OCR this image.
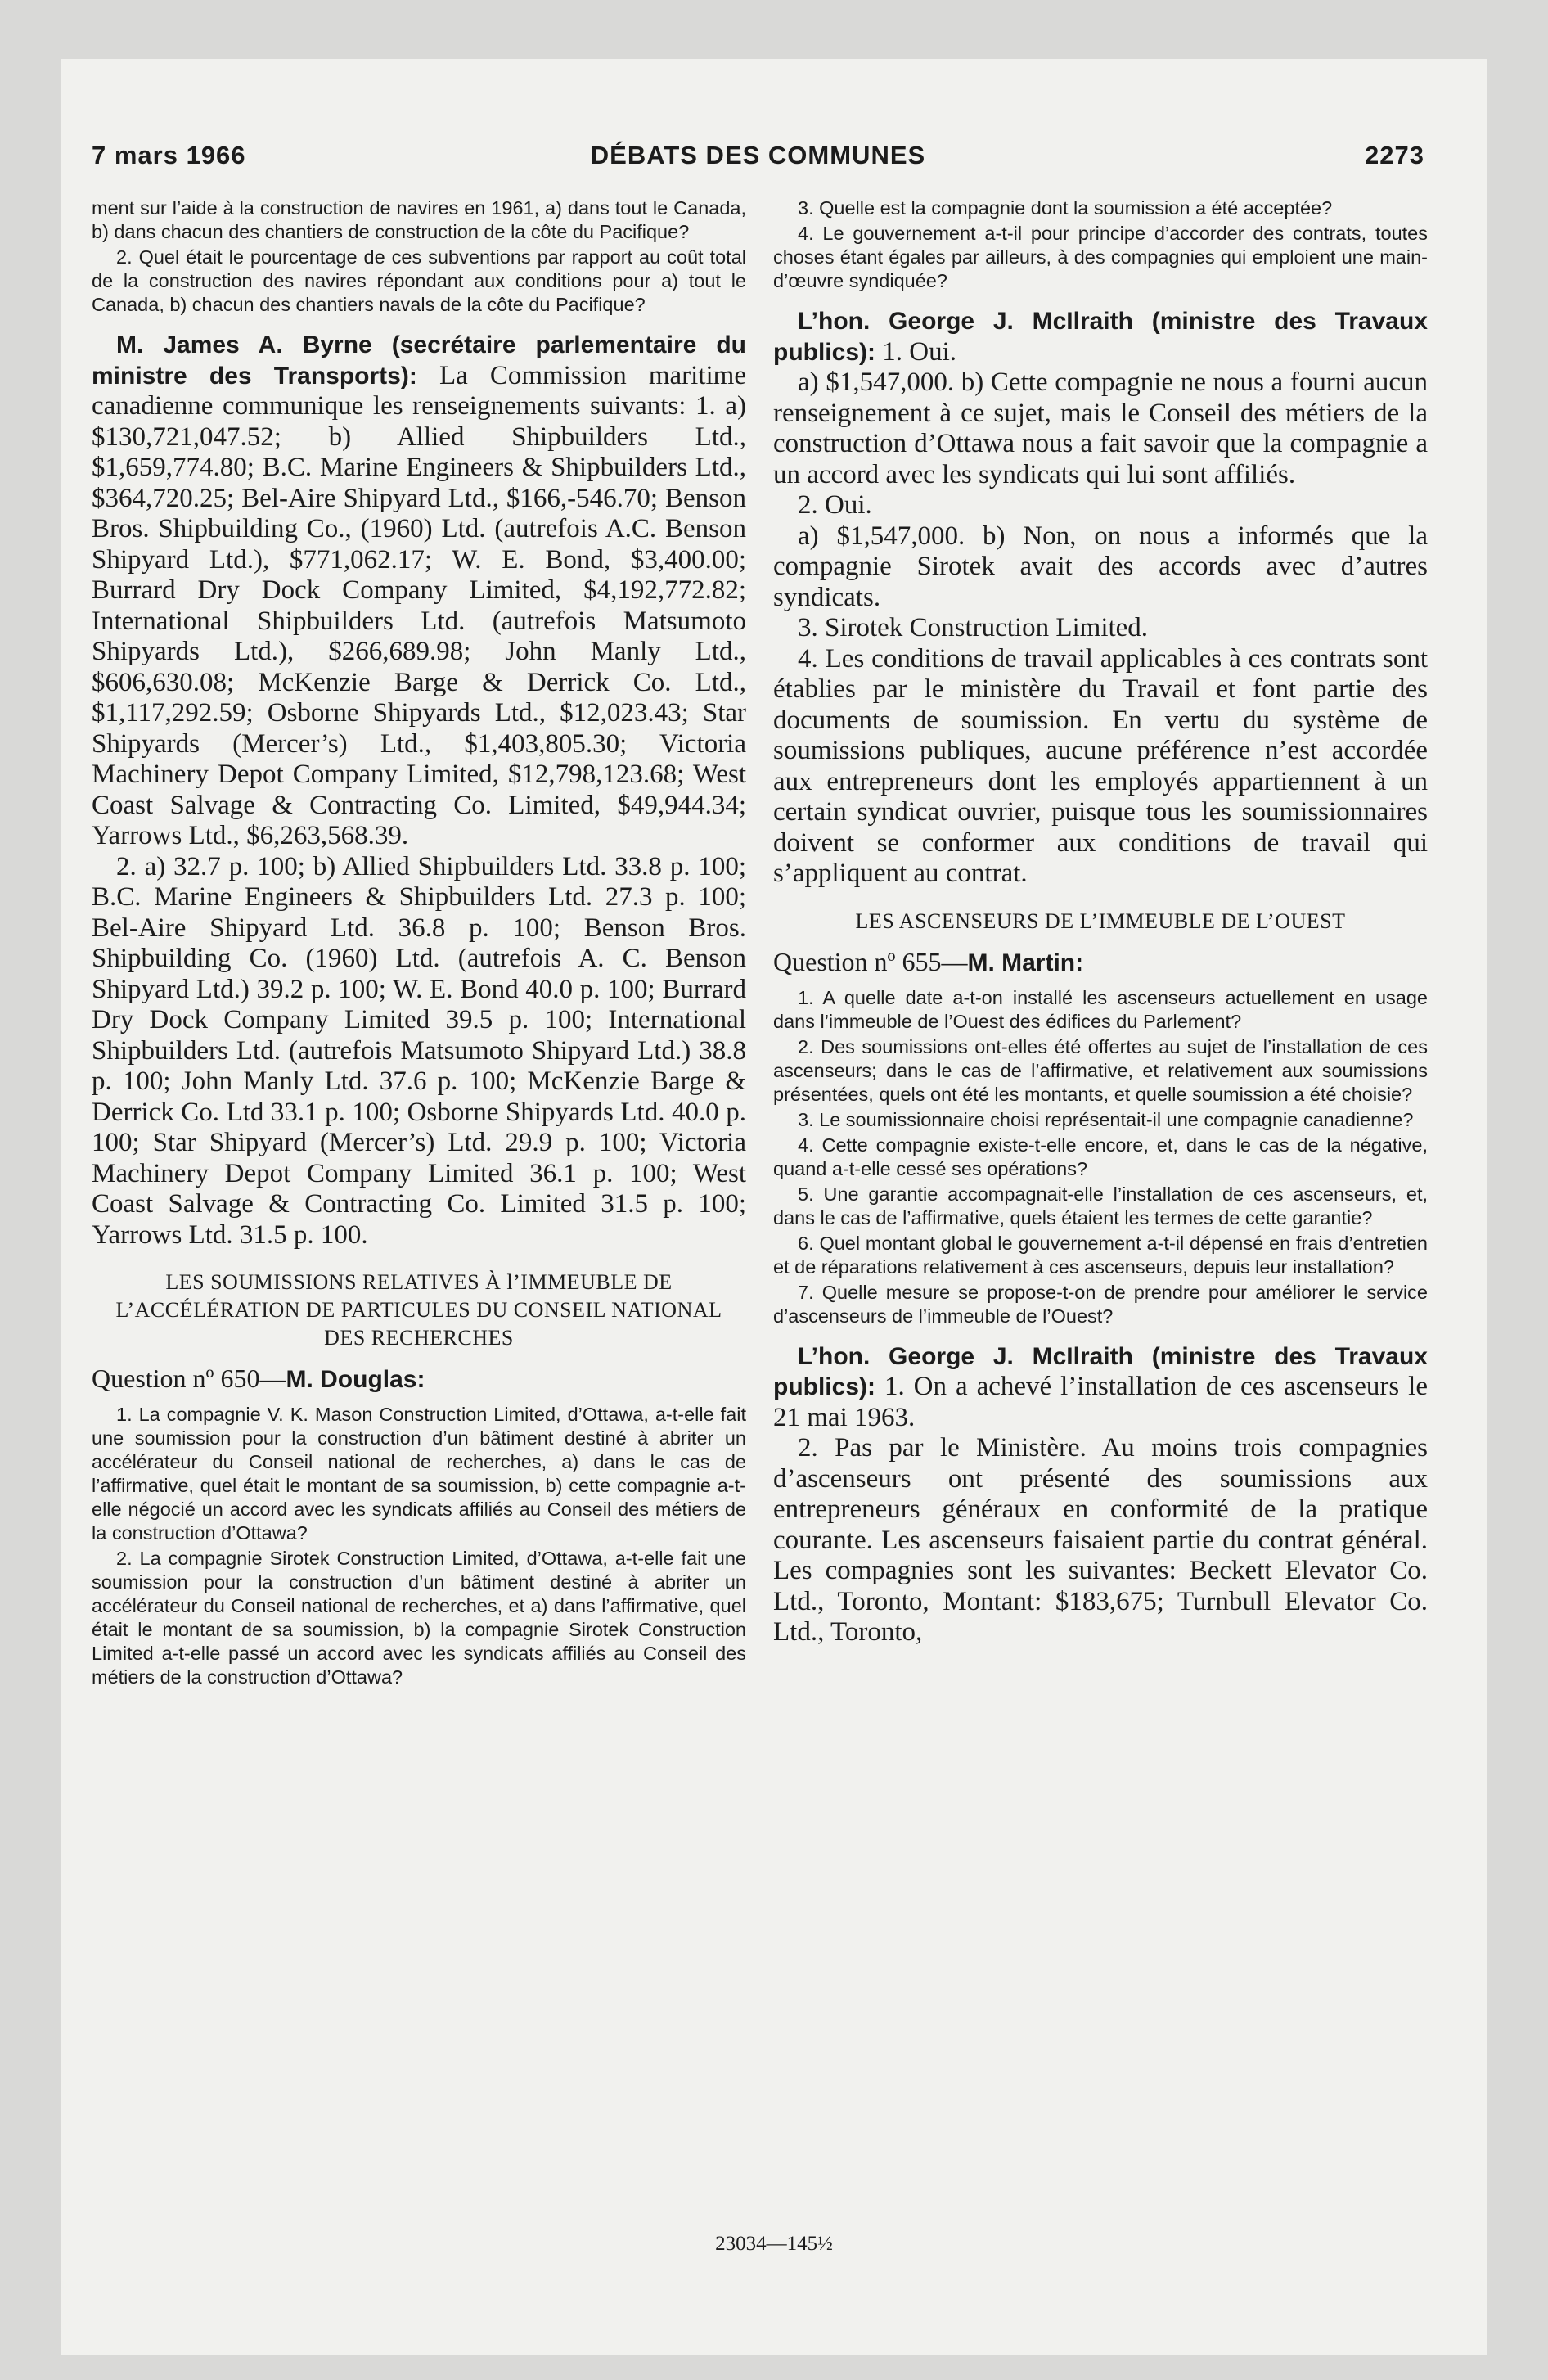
7 mars 1966	DÉBATS DES COMMUNES	2273

ment sur l’aide à la construction de navires en 1961, a) dans tout le Canada, b) dans chacun des chantiers de construction de la côte du Pacifique?

2. Quel était le pourcentage de ces subventions par rapport au coût total de la construction des navires répondant aux conditions pour a) tout le Canada, b) chacun des chantiers navals de la côte du Pacifique?

M. James A. Byrne (secrétaire parlementaire du ministre des Transports): La Commission maritime canadienne communique les renseignements suivants: 1. a) $130,721,047.52; b) Allied Shipbuilders Ltd., $1,659,774.80; B.C. Marine Engineers & Shipbuilders Ltd., $364,720.25; Bel-Aire Shipyard Ltd., $166,-546.70; Benson Bros. Shipbuilding Co., (1960) Ltd. (autrefois A.C. Benson Shipyard Ltd.), $771,062.17; W. E. Bond, $3,400.00; Burrard Dry Dock Company Limited, $4,192,772.82; International Shipbuilders Ltd. (autrefois Matsumoto Shipyards Ltd.), $266,689.98; John Manly Ltd., $606,630.08; McKenzie Barge & Derrick Co. Ltd., $1,117,292.59; Osborne Shipyards Ltd., $12,023.43; Star Shipyards (Mercer’s) Ltd., $1,403,805.30; Victoria Machinery Depot Company Limited, $12,798,123.68; West Coast Salvage & Contracting Co. Limited, $49,944.34; Yarrows Ltd., $6,263,568.39.

2. a) 32.7 p. 100; b) Allied Shipbuilders Ltd. 33.8 p. 100; B.C. Marine Engineers & Shipbuilders Ltd. 27.3 p. 100; Bel-Aire Shipyard Ltd. 36.8 p. 100; Benson Bros. Shipbuilding Co. (1960) Ltd. (autrefois A. C. Benson Shipyard Ltd.) 39.2 p. 100; W. E. Bond 40.0 p. 100; Burrard Dry Dock Company Limited 39.5 p. 100; International Shipbuilders Ltd. (autrefois Matsumoto Shipyard Ltd.) 38.8 p. 100; John Manly Ltd. 37.6 p. 100; McKenzie Barge & Derrick Co. Ltd 33.1 p. 100; Osborne Shipyards Ltd. 40.0 p. 100; Star Shipyard (Mercer’s) Ltd. 29.9 p. 100; Victoria Machinery Depot Company Limited 36.1 p. 100; West Coast Salvage & Contracting Co. Limited 31.5 p. 100; Yarrows Ltd. 31.5 p. 100.

LES SOUMISSIONS RELATIVES À l’IMMEUBLE DE L’ACCÉLÉRATION DE PARTICULES DU CONSEIL NATIONAL DES RECHERCHES
Question nº 650—M. Douglas:

1. La compagnie V. K. Mason Construction Limited, d’Ottawa, a-t-elle fait une soumission pour la construction d’un bâtiment destiné à abriter un accélérateur du Conseil national de recherches, a) dans le cas de l’affirmative, quel était le montant de sa soumission, b) cette compagnie a-t-elle négocié un accord avec les syndicats affiliés au Conseil des métiers de la construction d’Ottawa?

2. La compagnie Sirotek Construction Limited, d’Ottawa, a-t-elle fait une soumission pour la construction d’un bâtiment destiné à abriter un accélérateur du Conseil national de recherches, et a) dans l’affirmative, quel était le montant de sa soumission, b) la compagnie Sirotek Construction Limited a-t-elle passé un accord avec les syndicats affiliés au Conseil des métiers de la construction d’Ottawa?

3. Quelle est la compagnie dont la soumission a été acceptée?

4. Le gouvernement a-t-il pour principe d’accorder des contrats, toutes choses étant égales par ailleurs, à des compagnies qui emploient une main-d’œuvre syndiquée?

L’hon. George J. McIlraith (ministre des Travaux publics): 1. Oui.

a) $1,547,000. b) Cette compagnie ne nous a fourni aucun renseignement à ce sujet, mais le Conseil des métiers de la construction d’Ottawa nous a fait savoir que la compagnie a un accord avec les syndicats qui lui sont affiliés.

2. Oui.

a) $1,547,000. b) Non, on nous a informés que la compagnie Sirotek avait des accords avec d’autres syndicats.

3. Sirotek Construction Limited.

4. Les conditions de travail applicables à ces contrats sont établies par le ministère du Travail et font partie des documents de soumission. En vertu du système de soumissions publiques, aucune préférence n’est accordée aux entrepreneurs dont les employés appartiennent à un certain syndicat ouvrier, puisque tous les soumissionnaires doivent se conformer aux conditions de travail qui s’appliquent au contrat.

LES ASCENSEURS DE L’IMMEUBLE DE L’OUEST
Question nº 655—M. Martin:

1. A quelle date a-t-on installé les ascenseurs actuellement en usage dans l’immeuble de l’Ouest des édifices du Parlement?

2. Des soumissions ont-elles été offertes au sujet de l’installation de ces ascenseurs; dans le cas de l’affirmative, et relativement aux soumissions présentées, quels ont été les montants, et quelle soumission a été choisie?

3. Le soumissionnaire choisi représentait-il une compagnie canadienne?

4. Cette compagnie existe-t-elle encore, et, dans le cas de la négative, quand a-t-elle cessé ses opérations?

5. Une garantie accompagnait-elle l’installation de ces ascenseurs, et, dans le cas de l’affirmative, quels étaient les termes de cette garantie?

6. Quel montant global le gouvernement a-t-il dépensé en frais d’entretien et de réparations relativement à ces ascenseurs, depuis leur installation?

7. Quelle mesure se propose-t-on de prendre pour améliorer le service d’ascenseurs de l’immeuble de l’Ouest?

L’hon. George J. McIlraith (ministre des Travaux publics): 1. On a achevé l’installation de ces ascenseurs le 21 mai 1963.

2. Pas par le Ministère. Au moins trois compagnies d’ascenseurs ont présenté des soumissions aux entrepreneurs généraux en conformité de la pratique courante. Les ascenseurs faisaient partie du contrat général. Les compagnies sont les suivantes: Beckett Elevator Co. Ltd., Toronto, Montant: $183,675; Turnbull Elevator Co. Ltd., Toronto,

23034—145½
